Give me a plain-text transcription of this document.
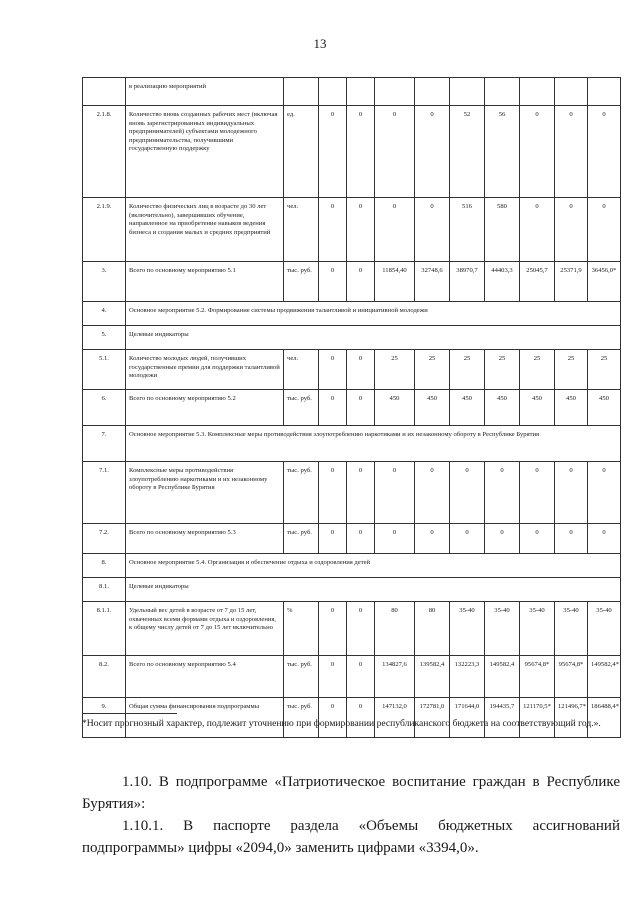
13
	в реализацию мероприятий										
2.1.8.	Количество вновь созданных рабочих мест (включая вновь зарегистрированных индивидуальных предпринимателей) субъектами молодежного предпринимательства, получившими государственную поддержку	ед.	0	0	0	0	52	56	0	0	0
2.1.9.	Количество физических лиц в возрасте до 30 лет (включительно), завершивших обучение, направленное на приобретение навыков ведения бизнеса и создания малых и средних предприятий	чел.	0	0	0	0	516	580	0	0	0
3.	Всего по основному мероприятию 5.1	тыс. руб.	0	0	11854,40	32748,6	38970,7	44403,3	25045,7	25371,9	36456,0*
4.	Основное мероприятие 5.2. Формирование системы продвижения талантливой и инициативной молодежи										
5.	Целевые индикаторы										
5.1.	Количество молодых людей, получивших государственные премии для поддержки талантливой молодежи	чел.	0	0	25	25	25	25	25	25	25
6.	Всего по основному мероприятию 5.2	тыс. руб.	0	0	450	450	450	450	450	450	450
7.	Основное мероприятие 5.3. Комплексные меры противодействия злоупотреблению наркотиками и их незаконному обороту в Республике Бурятия										
7.1.	Комплексные меры противодействия злоупотреблению наркотиками и их незаконному обороту в Республике Бурятия	тыс. руб.	0	0	0	0	0	0	0	0	0
7.2.	Всего по основному мероприятию 5.3	тыс. руб.	0	0	0	0	0	0	0	0	0
8.	Основное мероприятие 5.4. Организация и обеспечение отдыха и оздоровления детей										
8.1.	Целевые индикаторы										
8.1.1.	Удельный вес детей в возрасте от 7 до 15 лет, охваченных всеми формами отдыха и оздоровления, к общему числу детей от 7 до 15 лет включительно	%	0	0	80	80	35-40	35-40	35-40	35-40	35-40
8.2.	Всего по основному мероприятию 5.4	тыс. руб.	0	0	134827,6	139582,4	132223,3	149582,4	95674,8*	95674,8*	149582,4*
9.	Общая сумма финансирования подпрограммы	тыс. руб.	0	0	147132,0	172781,0	171644,0	194435,7	121170,5*	121496,7*	186488,4*
*Носит прогнозный характер, подлежит уточнению при формировании республиканского бюджета на соответствующий год.».
1.10. В подпрограмме «Патриотическое воспитание граждан в Республике Бурятия»:
1.10.1. В паспорте раздела «Объемы бюджетных ассигнований подпрограммы» цифры «2094,0» заменить цифрами «3394,0».
